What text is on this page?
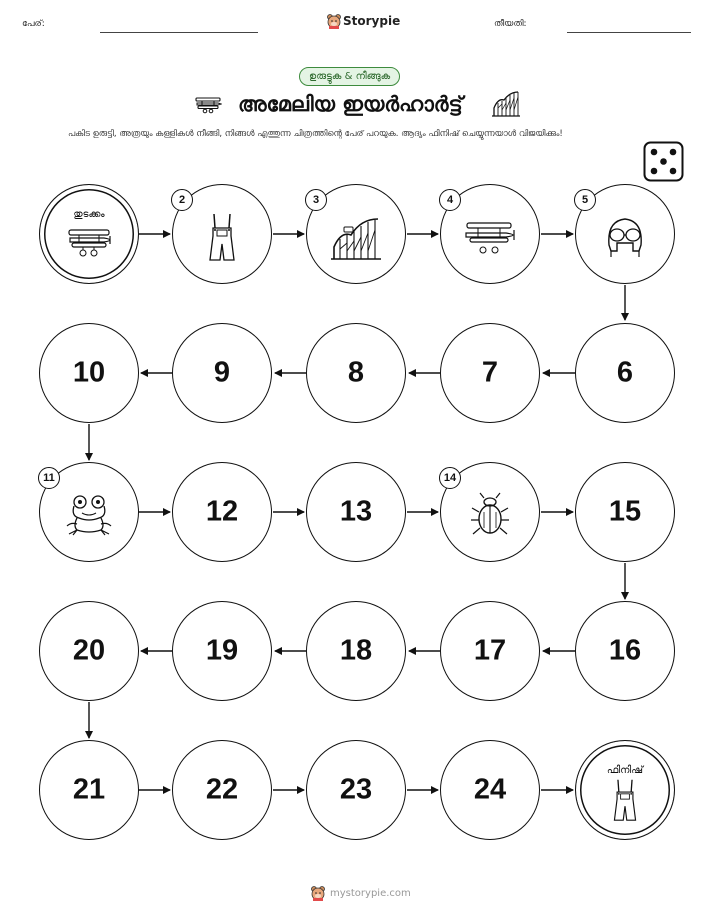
പേര്:	Storypie	തീയതി:
ഉരുട്ടുക & നീങ്ങുക
അമേലിയ ഇയർഹാർട്ട്
പകിട ഉരുട്ടി, അത്രയും കള്ളികൾ നീങ്ങി, നിങ്ങൾ എത്തുന്ന ചിത്രത്തിന്റെ പേര് പറയുക. ആദ്യം ഫിനിഷ് ചെയ്യുന്നയാൾ വിജയിക്കും!
തുടക്കം
2	3	4	5
6
7
8
9
10
11
12	13
14
15
16
17
18
19
20
21	22	23	24
ഫിനിഷ്
mystorypie.com
